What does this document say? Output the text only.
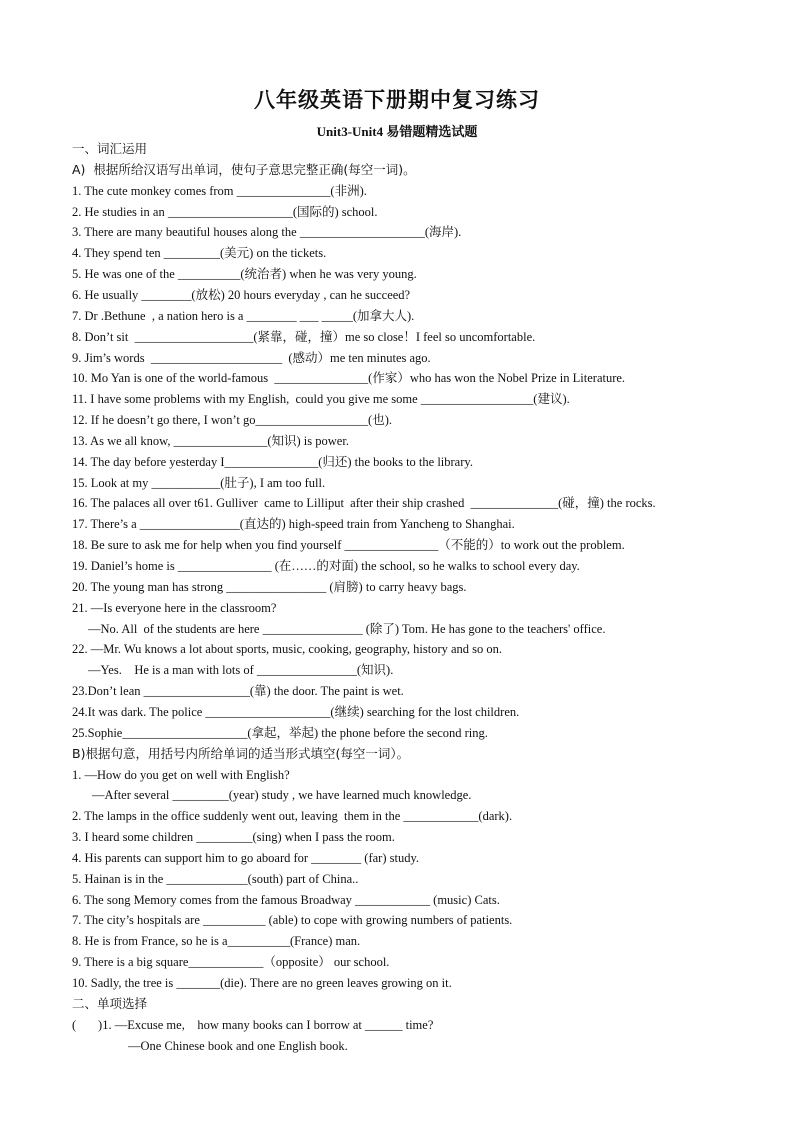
八年级英语下册期中复习练习
Unit3-Unit4 易错题精选试题
一、词汇运用
A)  根据所给汉语写出单词，使句子意思完整正确(每空一词)。
1. The cute monkey comes from _______________(非洲).
2. He studies in an ____________________(国际的) school.
3. There are many beautiful houses along the ____________________(海岸).
4. They spend ten _________(美元) on the tickets.
5. He was one of the __________(统治者) when he was very young.
6. He usually ________(放松) 20 hours everyday , can he succeed?
7. Dr .Bethune  , a nation hero is a ________ ___ _____(加拿大人).
8. Don’t sit  ___________________(紧靠，碰，撞）me so close！I feel so uncomfortable.
9. Jim’s words  _____________________  (感动）me ten minutes ago.
10. Mo Yan is one of the world-famous  _______________(作家）who has won the Nobel Prize in Literature.
11. I have some problems with my English,  could you give me some __________________(建议).
12. If he doesn’t go there, I won’t go__________________(也).
13. As we all know, _______________(知识) is power.
14. The day before yesterday I_______________(归还) the books to the library.
15. Look at my ___________(肚子), I am too full.
16. The palaces all over t61. Gulliver  came to Lilliput  after their ship crashed  ______________(碰，撞) the rocks.
17. There’s a ________________(直达的) high-speed train from Yancheng to Shanghai.
18. Be sure to ask me for help when you find yourself _______________（不能的）to work out the problem.
19. Daniel’s home is _______________ (在……的对面) the school, so he walks to school every day.
20. The young man has strong ________________ (肩膀) to carry heavy bags.
21. —Is everyone here in the classroom?
—No. All  of the students are here ________________ (除了) Tom. He has gone to the teachers' office.
22. —Mr. Wu knows a lot about sports, music, cooking, geography, history and so on.
—Yes.    He is a man with lots of ________________(知识).
23.Don’t lean _________________(靠) the door. The paint is wet.
24.It was dark. The police ____________________(继续) searching for the lost children.
25.Sophie____________________(拿起，举起) the phone before the second ring.
B)根据句意，用括号内所给单词的适当形式填空(每空一词）。
1. —How do you get on well with English?
—After several _________(year) study , we have learned much knowledge.
2. The lamps in the office suddenly went out, leaving  them in the ____________(dark).
3. I heard some children _________(sing) when I pass the room.
4. His parents can support him to go aboard for ________ (far) study.
5. Hainan is in the _____________(south) part of China..
6. The song Memory comes from the famous Broadway ____________ (music) Cats.
7. The city’s hospitals are __________ (able) to cope with growing numbers of patients.
8. He is from France, so he is a__________(France) man.
9. There is a big square____________（opposite） our school.
10. Sadly, the tree is _______(die). There are no green leaves growing on it.
二、单项选择
(       )1. —Excuse me,    how many books can I borrow at ______ time?
—One Chinese book and one English book.
